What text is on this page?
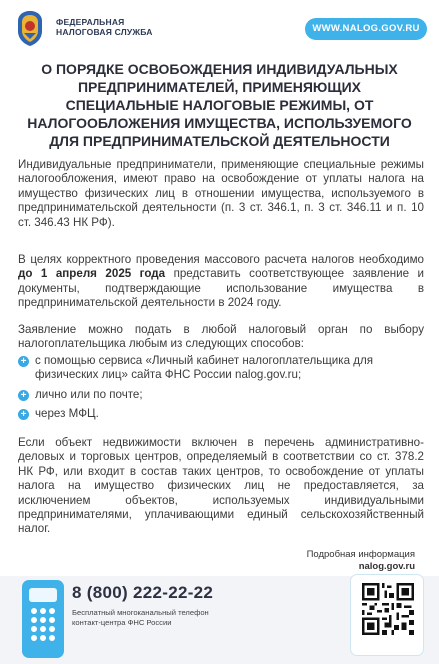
ФЕДЕРАЛЬНАЯ
НАЛОГОВАЯ СЛУЖБА	WWW.NALOG.GOV.RU
О ПОРЯДКЕ ОСВОБОЖДЕНИЯ ИНДИВИДУАЛЬНЫХ
ПРЕДПРИНИМАТЕЛЕЙ, ПРИМЕНЯЮЩИХ
СПЕЦИАЛЬНЫЕ НАЛОГОВЫЕ РЕЖИМЫ, ОТ
НАЛОГООБЛОЖЕНИЯ ИМУЩЕСТВА, ИСПОЛЬЗУЕМОГО
ДЛЯ ПРЕДПРИНИМАТЕЛЬСКОЙ ДЕЯТЕЛЬНОСТИ

Индивидуальные предприниматели, применяющие специальные режимы налогообложения, имеют право на освобождение от уплаты налога на имущество физических лиц в отношении имущества, используемого в предпринимательской деятельности (п. 3 ст. 346.1, п. 3 ст. 346.11 и п. 10 ст. 346.43 НК РФ).

В целях корректного проведения массового расчета налогов необходимо до 1 апреля 2025 года представить соответствующее заявление и документы, подтверждающие использование имущества в предпринимательской деятельности в 2024 году.

Заявление можно подать в любой налоговый орган по выбору налогоплательщика любым из следующих способов:

+ с помощью сервиса «Личный кабинет налогоплательщика для физических лиц» сайта ФНС России nalog.gov.ru;
+ лично или по почте;
+ через МФЦ.

Если объект недвижимости включен в перечень административно-деловых и торговых центров, определяемый в соответствии со ст. 378.2 НК РФ, или входит в состав таких центров, то освобождение от уплаты налога на имущество физических лиц не предоставляется, за исключением объектов, используемых индивидуальными предпринимателями, уплачивающими единый сельскохозяйственный налог.

Подробная информация
nalog.gov.ru
8 (800) 222-22-22
Бесплатный многоканальный телефон
контакт-центра ФНС России
